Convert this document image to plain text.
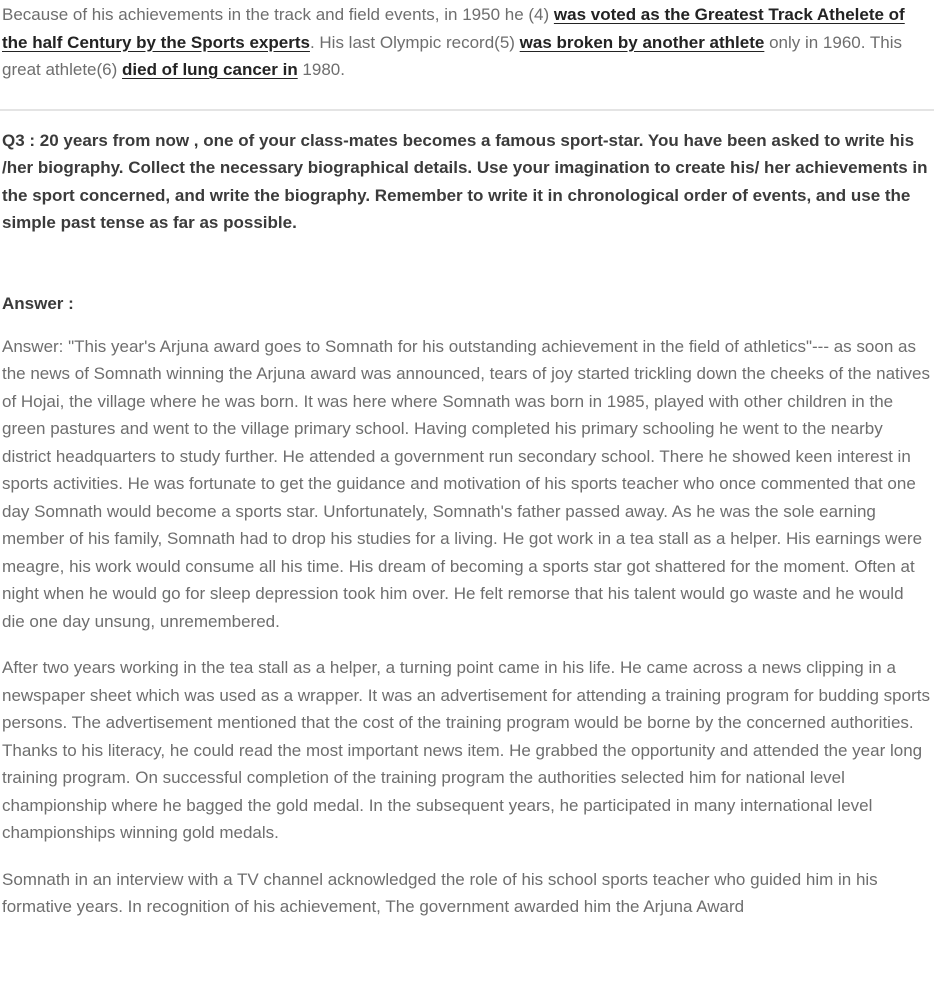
Because of his achievements in the track and field events, in 1950 he (4) was voted as the Greatest Track Athelete of the half Century by the Sports experts. His last Olympic record(5) was broken by another athlete only in 1960. This great athlete(6) died of lung cancer in 1980.

Q3 : 20 years from now , one of your class-mates becomes a famous sport-star. You have been asked to write his /her biography. Collect the necessary biographical details. Use your imagination to create his/ her achievements in the sport concerned, and write the biography. Remember to write it in chronological order of events, and use the simple past tense as far as possible.

Answer :

Answer: "This year's Arjuna award goes to Somnath for his outstanding achievement in the field of athletics"--- as soon as the news of Somnath winning the Arjuna award was announced, tears of joy started trickling down the cheeks of the natives of Hojai, the village where he was born. It was here where Somnath was born in 1985, played with other children in the green pastures and went to the village primary school. Having completed his primary schooling he went to the nearby district headquarters to study further. He attended a government run secondary school. There he showed keen interest in sports activities. He was fortunate to get the guidance and motivation of his sports teacher who once commented that one day Somnath would become a sports star. Unfortunately, Somnath's father passed away. As he was the sole earning member of his family, Somnath had to drop his studies for a living. He got work in a tea stall as a helper. His earnings were meagre, his work would consume all his time. His dream of becoming a sports star got shattered for the moment. Often at night when he would go for sleep depression took him over. He felt remorse that his talent would go waste and he would die one day unsung, unremembered.

After two years working in the tea stall as a helper, a turning point came in his life. He came across a news clipping in a newspaper sheet which was used as a wrapper. It was an advertisement for attending a training program for budding sports persons. The advertisement mentioned that the cost of the training program would be borne by the concerned authorities. Thanks to his literacy, he could read the most important news item. He grabbed the opportunity and attended the year long training program. On successful completion of the training program the authorities selected him for national level championship where he bagged the gold medal. In the subsequent years, he participated in many international level championships winning gold medals.

Somnath in an interview with a TV channel acknowledged the role of his school sports teacher who guided him in his formative years. In recognition of his achievement, The government awarded him the Arjuna Award
